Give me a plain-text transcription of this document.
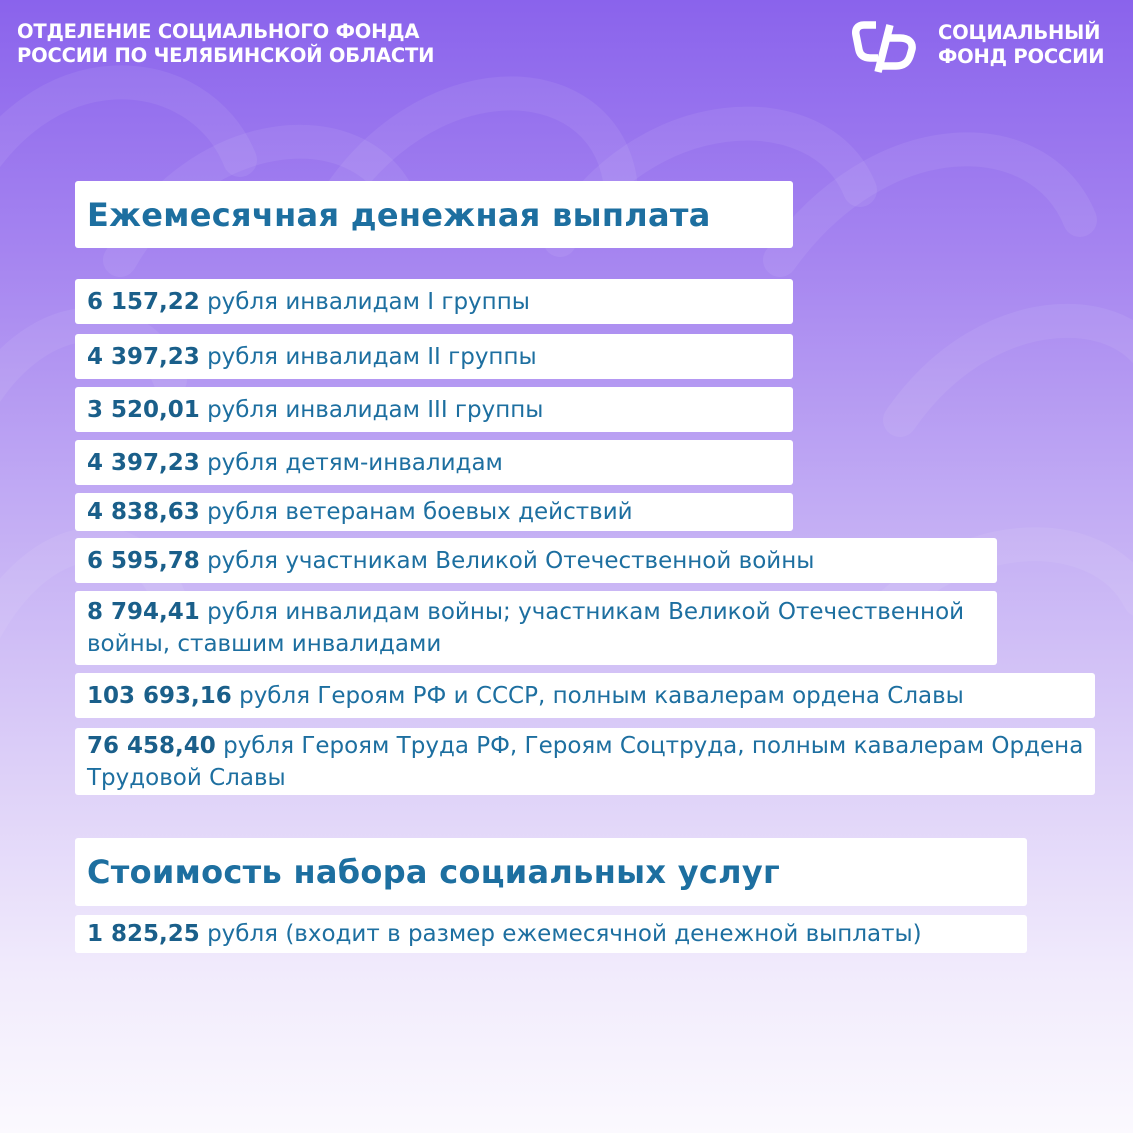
ОТДЕЛЕНИЕ СОЦИАЛЬНОГО ФОНДА
РОССИИ ПО ЧЕЛЯБИНСКОЙ ОБЛАСТИ
СОЦИАЛЬНЫЙ
ФОНД РОССИИ
Ежемесячная денежная выплата
6 157,22 рубля инвалидам I группы
4 397,23 рубля инвалидам II группы
3 520,01 рубля инвалидам III группы
4 397,23 рубля детям-инвалидам
4 838,63 рубля ветеранам боевых действий
6 595,78 рубля участникам Великой Отечественной войны
8 794,41 рубля инвалидам войны; участникам Великой Отечественной войны, ставшим инвалидами
103 693,16 рубля Героям РФ и СССР, полным кавалерам ордена Славы
76 458,40 рубля Героям Труда РФ, Героям Соцтруда, полным кавалерам Ордена Трудовой Славы
Стоимость набора социальных услуг
1 825,25 рубля (входит в размер ежемесячной денежной выплаты)
